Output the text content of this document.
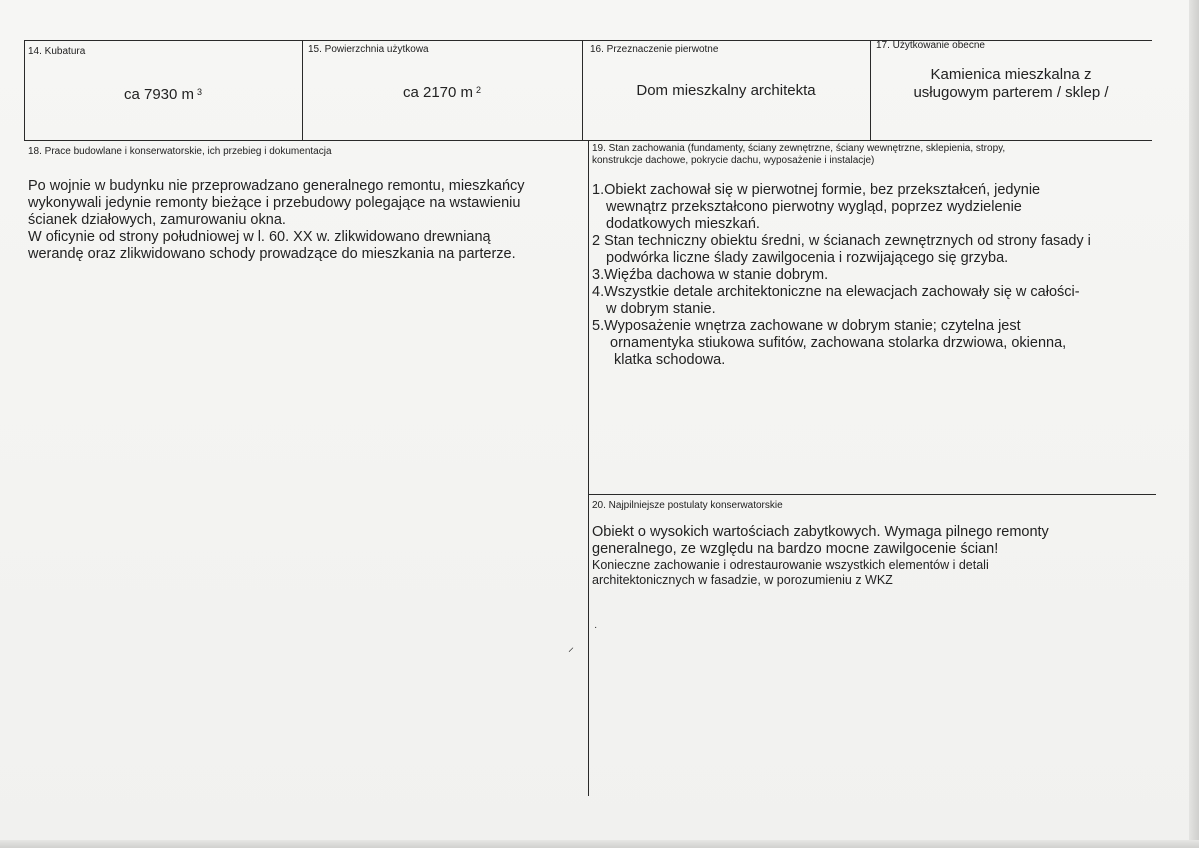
14. Kubatura
ca 7930 m $^3$
15. Powierzchnia użytkowa
ca 2170 m $^2$
16. Przeznaczenie pierwotne
Dom mieszkalny architekta
17. Użytkowanie obecne
Kamienica mieszkalna z
usługowym parterem / sklep /
18. Prace budowlane i konserwatorskie, ich przebieg i dokumentacja
Po wojnie w budynku nie przeprowadzano generalnego remontu, mieszkańcy
wykonywali jedynie remonty bieżące i przebudowy polegające na wstawieniu
ścianek działowych, zamurowaniu okna.
W oficynie od strony południowej w l. 60. XX w. zlikwidowano drewnianą
werandę oraz zlikwidowano schody prowadzące do mieszkania na parterze.
⸝
19. Stan zachowania (fundamenty, ściany zewnętrzne, ściany wewnętrzne, sklepienia, stropy,
konstrukcje dachowe, pokrycie dachu, wyposażenie i instalacje)
1.Obiekt zachował się w pierwotnej formie, bez przekształceń, jedynie
wewnątrz przekształcono pierwotny wygląd, poprzez wydzielenie
dodatkowych mieszkań.
2 Stan techniczny obiektu średni, w ścianach zewnętrznych od strony fasady i
podwórka liczne ślady zawilgocenia i rozwijającego się grzyba.
3.Więźba dachowa w stanie dobrym.
4.Wszystkie detale architektoniczne na elewacjach zachowały się w całości-
w dobrym stanie.
5.Wyposażenie wnętrza zachowane w dobrym stanie; czytelna jest
ornamentyka stiukowa sufitów, zachowana stolarka drzwiowa, okienna,
klatka schodowa.
20. Najpilniejsze postulaty konserwatorskie
Obiekt o wysokich wartościach zabytkowych. Wymaga pilnego remonty
generalnego, ze względu na bardzo mocne zawilgocenie ścian!
Konieczne zachowanie i odrestaurowanie wszystkich elementów i detali
architektonicznych w fasadzie, w porozumieniu z WKZ
·
